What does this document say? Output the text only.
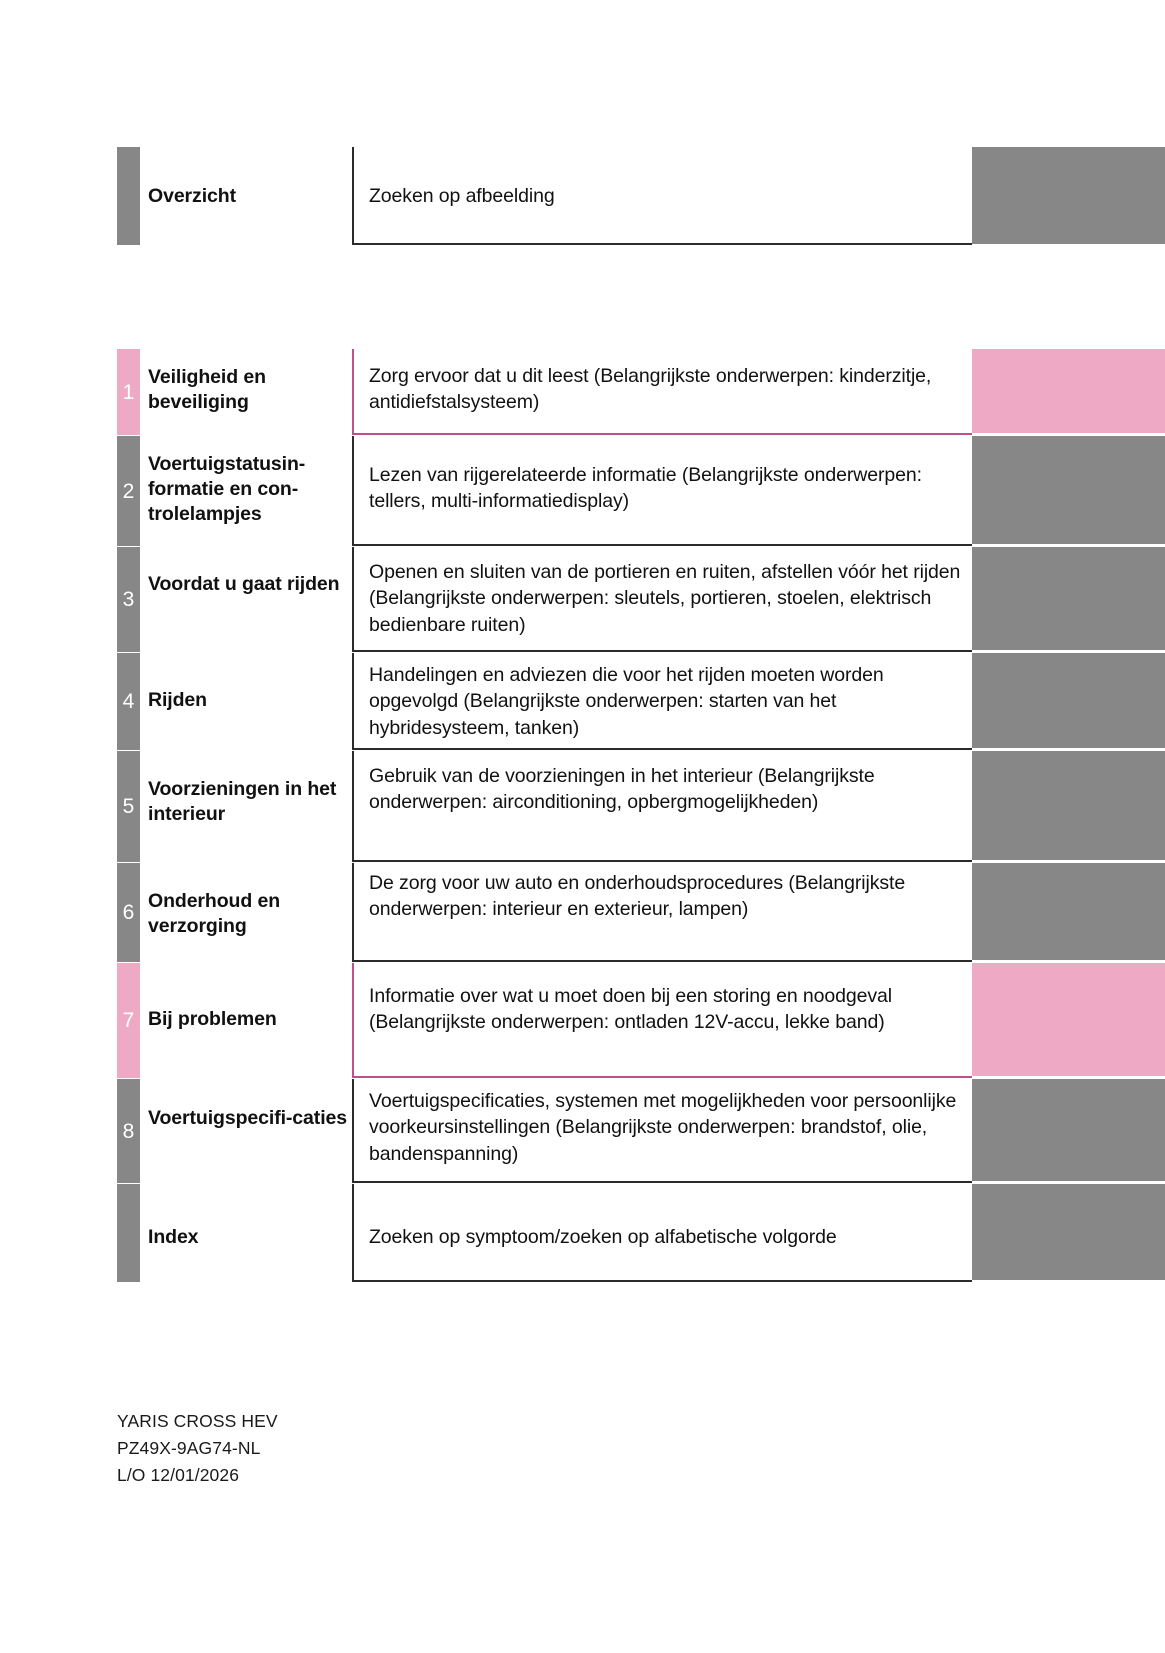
Overzicht	Zoeken op afbeelding
1
Veiligheid en beveiliging
Zorg ervoor dat u dit leest (Belangrijkste onderwerpen: kinderzitje, antidiefstalsysteem)
2
Voertuigstatusin-formatie en con-trolelampjes
Lezen van rijgerelateerde informatie (Belangrijkste onderwerpen: tellers, multi-informatiedisplay)
3
Voordat u gaat rijden
Openen en sluiten van de portieren en ruiten, afstellen vóór het rijden (Belangrijkste onderwerpen: sleutels, portieren, stoelen, elektrisch bedienbare ruiten)
4 Rijden
Handelingen en adviezen die voor het rijden moeten worden opgevolgd (Belangrijkste onderwerpen: starten van het hybridesysteem, tanken)
5
Voorzieningen in het interieur
Gebruik van de voorzieningen in het interieur (Belangrijkste onderwerpen: airconditioning, opbergmogelijkheden)
6 Onderhoud en verzorging
De zorg voor uw auto en onderhoudsprocedures (Belangrijkste onderwerpen: interieur en exterieur, lampen)
7 Bij problemen
Informatie over wat u moet doen bij een storing en noodgeval (Belangrijkste onderwerpen: ontladen 12V-accu, lekke band)
8
Voertuigspecifi-caties
Voertuigspecificaties, systemen met mogelijkheden voor persoonlijke voorkeursinstellingen (Belangrijkste onderwerpen: brandstof, olie, bandenspanning)
Index	Zoeken op symptoom/zoeken op alfabetische volgorde
YARIS CROSS HEV
PZ49X-9AG74-NL
L/O 12/01/2026
